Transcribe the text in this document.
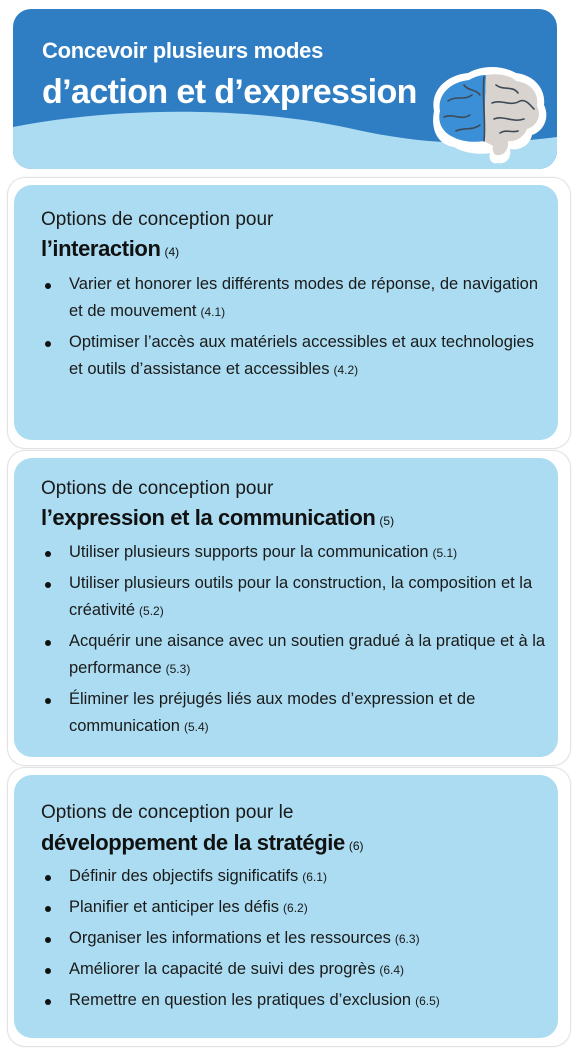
Concevoir plusieurs modes
d’action et d’expression
Options de conception pour
l’interaction (4)
Varier et honorer les différents modes de réponse, de navigation et de mouvement (4.1)
Optimiser l’accès aux matériels accessibles et aux technologies et outils d’assistance et accessibles (4.2)
Options de conception pour
l’expression et la communication (5)
Utiliser plusieurs supports pour la communication (5.1)
Utiliser plusieurs outils pour la construction, la composition et la créativité (5.2)
Acquérir une aisance avec un soutien gradué à la pratique et à la performance (5.3)
Éliminer les préjugés liés aux modes d’expression et de communication (5.4)
Options de conception pour le
développement de la stratégie (6)
Définir des objectifs significatifs (6.1)
Planifier et anticiper les défis (6.2)
Organiser les informations et les ressources (6.3)
Améliorer la capacité de suivi des progrès (6.4)
Remettre en question les pratiques d’exclusion (6.5)
